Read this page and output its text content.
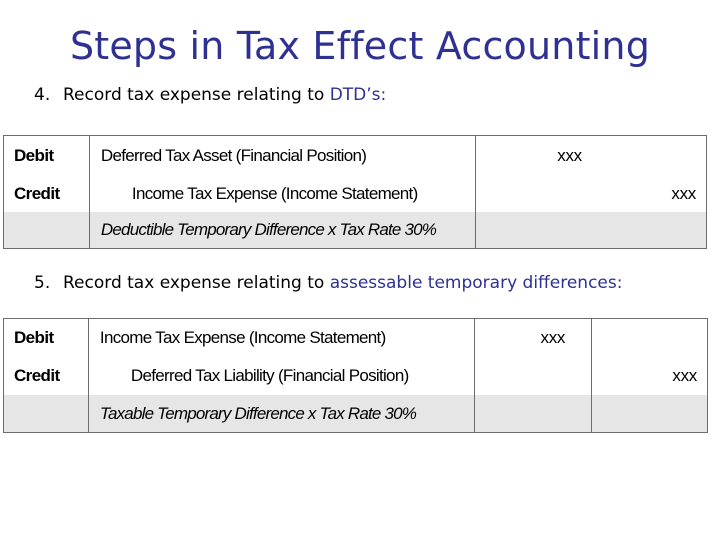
Steps in Tax Effect Accounting
4. Record tax expense relating to DTD’s:
Debit	Deferred Tax Asset (Financial Position)	xxx
Credit	Income Tax Expense (Income Statement)	xxx
	Deductible Temporary Difference x Tax Rate 30%	
5. Record tax expense relating to assessable temporary differences:
Debit	Income Tax Expense (Income Statement)	xxx	
Credit	Deferred Tax Liability (Financial Position)		xxx
	Taxable Temporary Difference x Tax Rate 30%		
